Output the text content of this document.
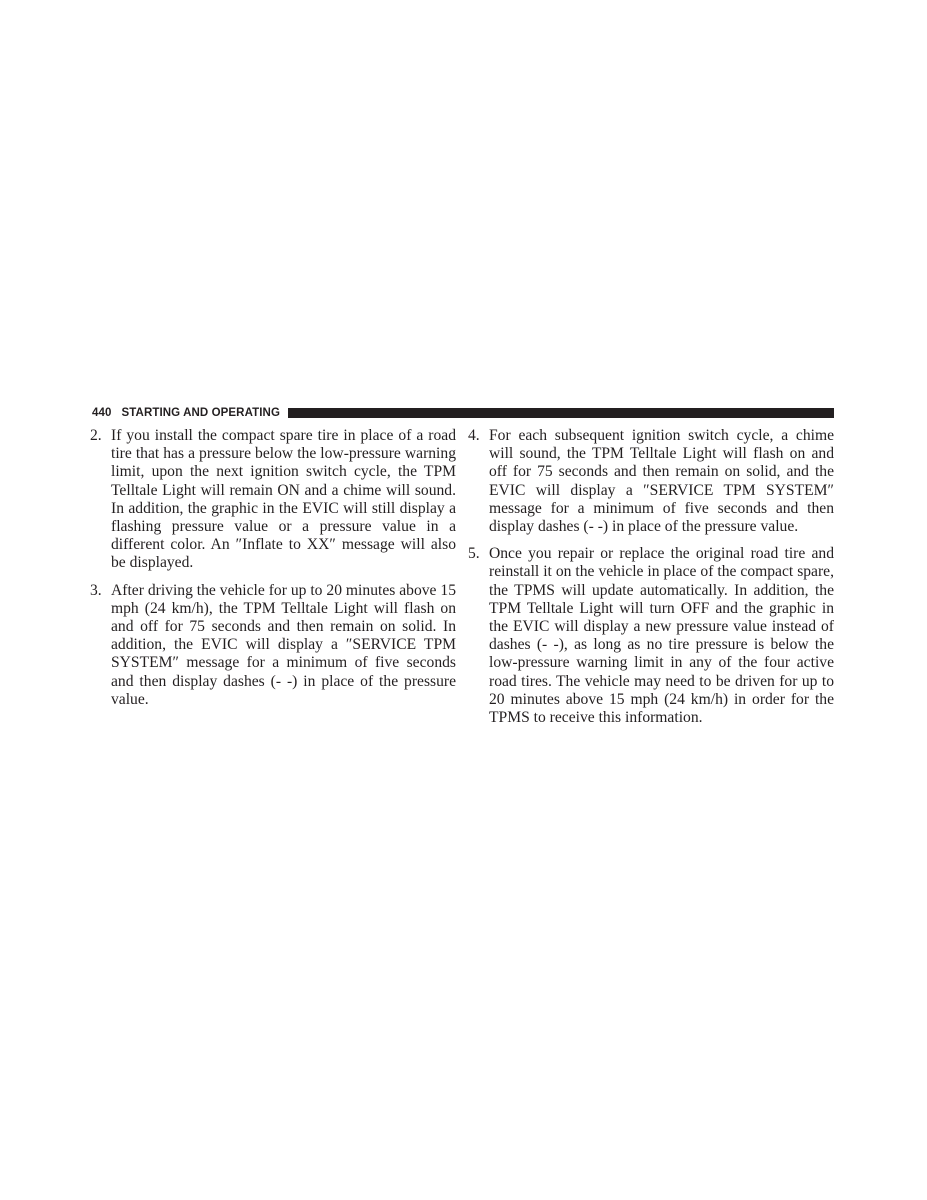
440 STARTING AND OPERATING
2. If you install the compact spare tire in place of a road tire that has a pressure below the low-pressure warning limit, upon the next ignition switch cycle, the TPM Telltale Light will remain ON and a chime will sound. In addition, the graphic in the EVIC will still display a flashing pressure value or a pressure value in a different color. An ″Inflate to XX″ message will also be displayed.
3. After driving the vehicle for up to 20 minutes above 15 mph (24 km/h), the TPM Telltale Light will flash on and off for 75 seconds and then remain on solid. In addition, the EVIC will display a ″SERVICE TPM SYSTEM″ message for a minimum of five seconds and then display dashes (- -) in place of the pressure value.
4. For each subsequent ignition switch cycle, a chime will sound, the TPM Telltale Light will flash on and off for 75 seconds and then remain on solid, and the EVIC will display a ″SERVICE TPM SYSTEM″ message for a minimum of five seconds and then display dashes (- -) in place of the pressure value.
5. Once you repair or replace the original road tire and reinstall it on the vehicle in place of the compact spare, the TPMS will update automatically. In addition, the TPM Telltale Light will turn OFF and the graphic in the EVIC will display a new pressure value instead of dashes (- -), as long as no tire pressure is below the low-pressure warning limit in any of the four active road tires. The vehicle may need to be driven for up to 20 minutes above 15 mph (24 km/h) in order for the TPMS to receive this information.
